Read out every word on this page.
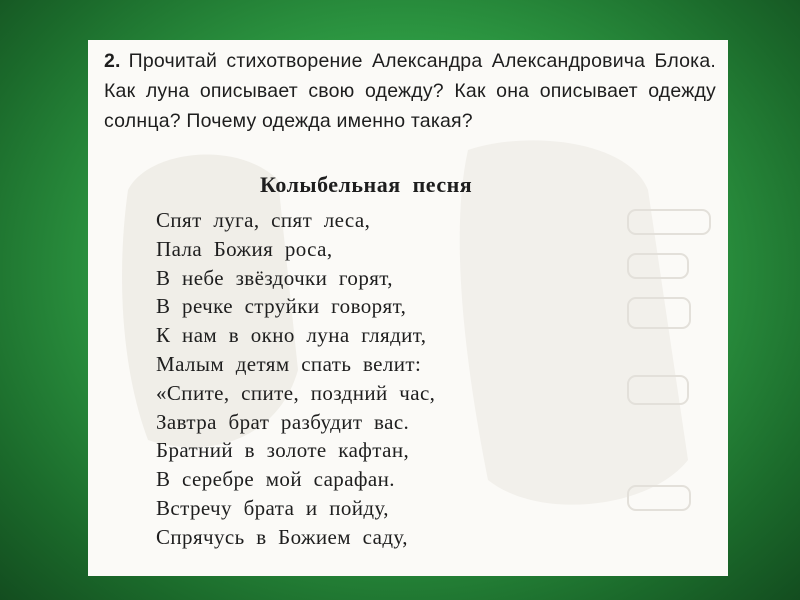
2. Прочитай стихотворение Александра Александровича Блока. Как луна описывает свою одежду? Как она описывает одежду солнца? Почему одежда именно такая?
Колыбельная песня
Спят луга, спят леса,
Пала Божия роса,
В небе звёздочки горят,
В речке струйки говорят,
К нам в окно луна глядит,
Малым детям спать велит:
«Спите, спите, поздний час,
Завтра брат разбудит вас.
Братний в золоте кафтан,
В серебре мой сарафан.
Встречу брата и пойду,
Спрячусь в Божием саду,
